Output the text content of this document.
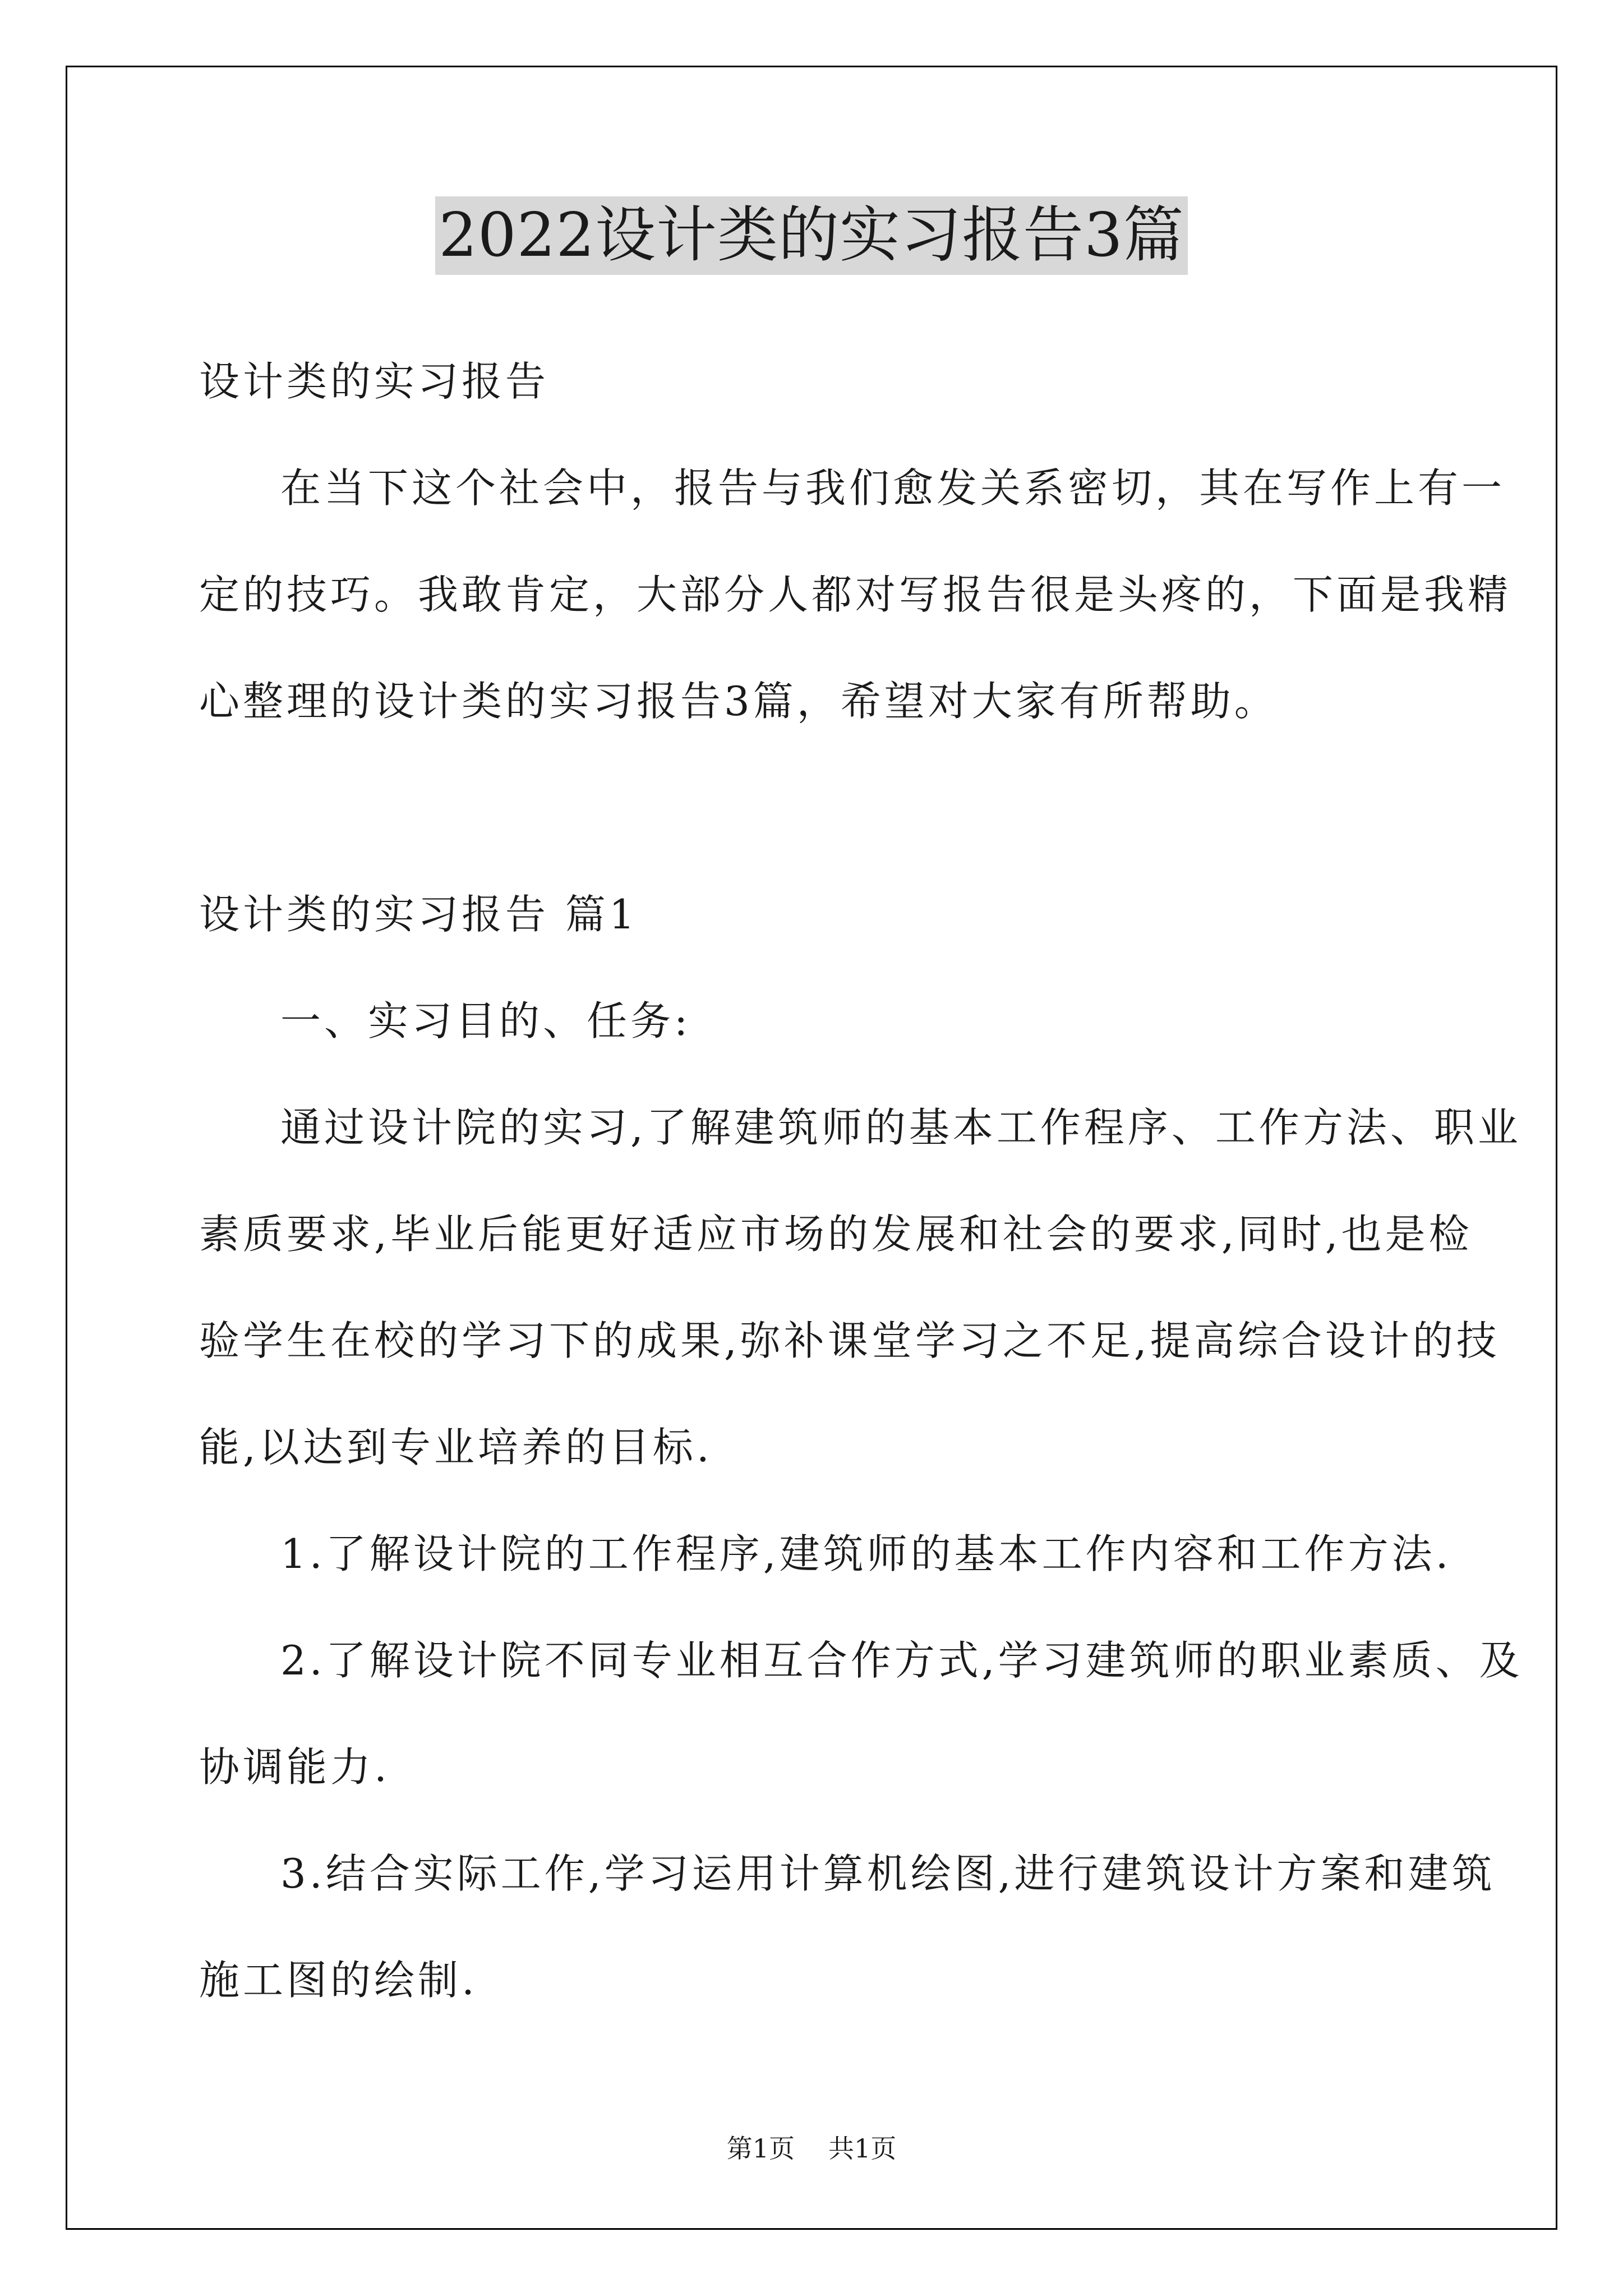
2022设计类的实习报告3篇
设计类的实习报告
在当下这个社会中，报告与我们愈发关系密切，其在写作上有一
定的技巧。我敢肯定，大部分人都对写报告很是头疼的，下面是我精
心整理的设计类的实习报告3篇，希望对大家有所帮助。
设计类的实习报告 篇1
一、实习目的、任务:
通过设计院的实习,了解建筑师的基本工作程序、工作方法、职业
素质要求,毕业后能更好适应市场的发展和社会的要求,同时,也是检
验学生在校的学习下的成果,弥补课堂学习之不足,提高综合设计的技
能,以达到专业培养的目标.
1.了解设计院的工作程序,建筑师的基本工作内容和工作方法.
2.了解设计院不同专业相互合作方式,学习建筑师的职业素质、及
协调能力.
3.结合实际工作,学习运用计算机绘图,进行建筑设计方案和建筑
施工图的绘制.
第1页 共1页
